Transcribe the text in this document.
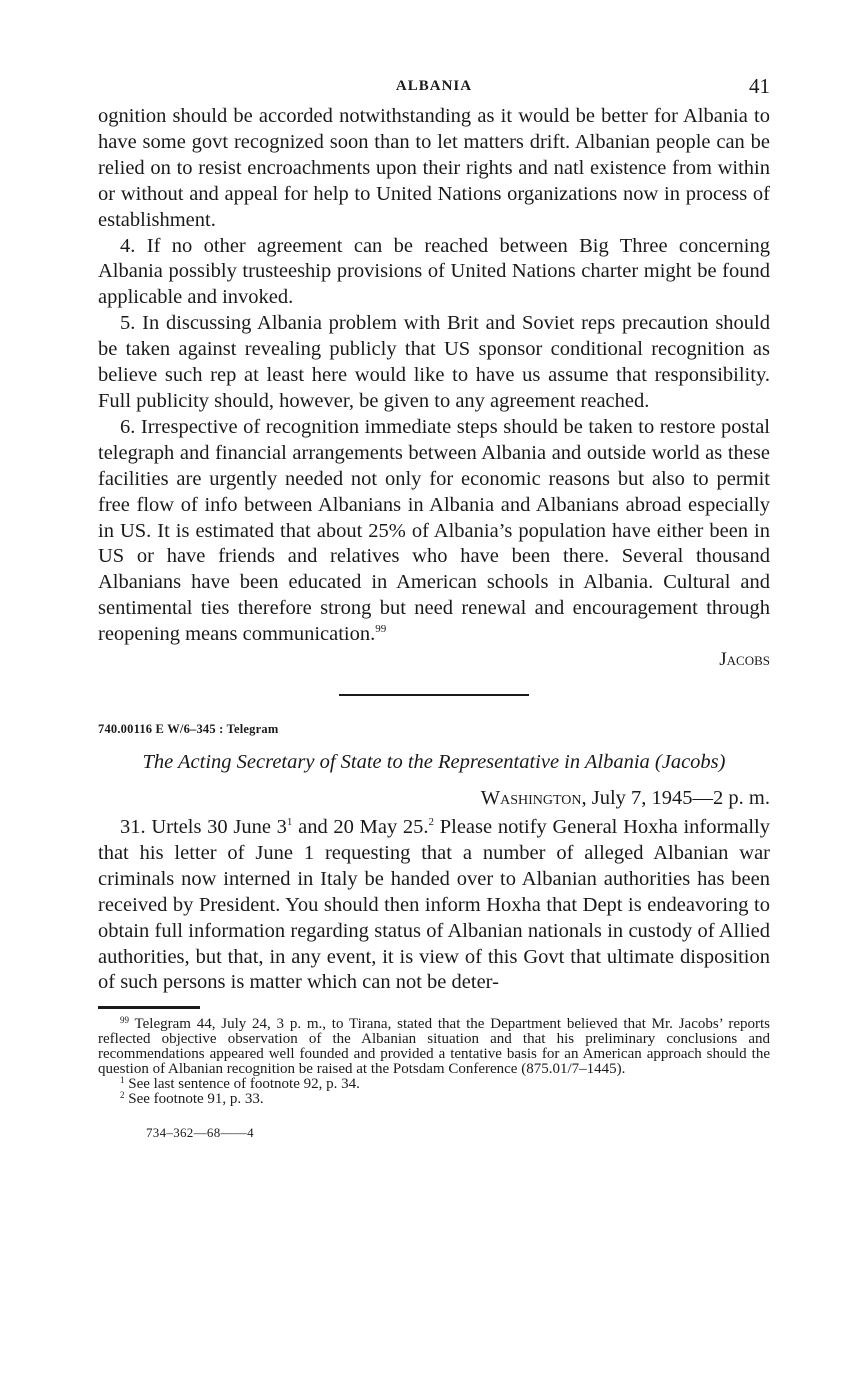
ALBANIA	41

ognition should be accorded notwithstanding as it would be better for Albania to have some govt recognized soon than to let matters drift. Albanian people can be relied on to resist encroachments upon their rights and natl existence from within or without and appeal for help to United Nations organizations now in process of establishment.

4. If no other agreement can be reached between Big Three concerning Albania possibly trusteeship provisions of United Nations charter might be found applicable and invoked.

5. In discussing Albania problem with Brit and Soviet reps precaution should be taken against revealing publicly that US sponsor conditional recognition as believe such rep at least here would like to have us assume that responsibility. Full publicity should, however, be given to any agreement reached.

6. Irrespective of recognition immediate steps should be taken to restore postal telegraph and financial arrangements between Albania and outside world as these facilities are urgently needed not only for economic reasons but also to permit free flow of info between Albanians in Albania and Albanians abroad especially in US. It is estimated that about 25% of Albania’s population have either been in US or have friends and relatives who have been there. Several thousand Albanians have been educated in American schools in Albania. Cultural and sentimental ties therefore strong but need renewal and encouragement through reopening means communication.$^{99}$

Jacobs

740.00116 E W/6–345 : Telegram

The Acting Secretary of State to the Representative in Albania (Jacobs)

Washington, July 7, 1945—2 p. m.

31. Urtels 30 June $3^1$ and 20 May 25.$^2$ Please notify General Hoxha informally that his letter of June 1 requesting that a number of alleged Albanian war criminals now interned in Italy be handed over to Albanian authorities has been received by President. You should then inform Hoxha that Dept is endeavoring to obtain full information regarding status of Albanian nationals in custody of Allied authorities, but that, in any event, it is view of this Govt that ultimate disposition of such persons is matter which can not be deter-

$^{99}$ Telegram 44, July 24, 3 p. m., to Tirana, stated that the Department believed that Mr. Jacobs’ reports reflected objective observation of the Albanian situation and that his preliminary conclusions and recommendations appeared well founded and provided a tentative basis for an American approach should the question of Albanian recognition be raised at the Potsdam Conference (875.01/7–1445).

$^1$ See last sentence of footnote 92, p. 34.

$^2$ See footnote 91, p. 33.

734–362—68——4
